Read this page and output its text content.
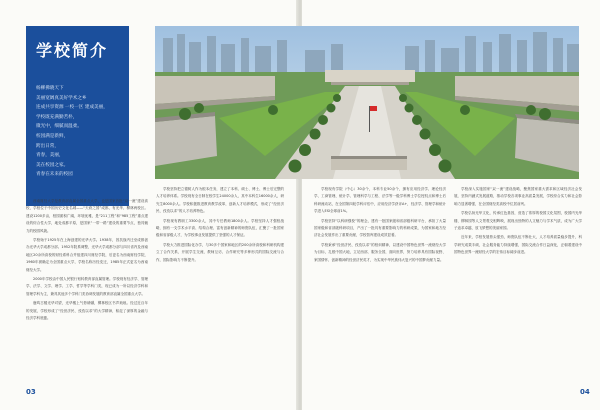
学校简介
杨柳拂晓天下
美丽宽阔真美好学术之乡
连成共享资源 一校一区 建成美丽，
学校既充满勤苦朴，
微光中，细腻而温柔。
校园满是新鲜，
跨出日常，
青春，美丽，
美在校园之家。
青春在未来的校园

西南财经大学是教育部直属全国重点大学，也是国家首批“双一流”建设高校，学校位于中国历史文化名城——“天府之国”成都，有光华、柳林两校区。建设1200多亩，校园面积广阔，环境优雅，是“211工程”和“985工程”重点建设的综合性大学，地处成都平原，是国家“一带一路”建设的重要节点，独具魅力的校园风貌。

学校始于1925年在上海创建的光华大学。1938年，因抗战内迁至成都创办光华大学成都分部。1952年院系调整，光华大学成都分部与四川省内及西南地区20余所高校的财经系科合并组建四川财经学院，后更名为西南财经学院，1960年被确定为全国重点大学，学校名称历经变迁，1985年正式更名为西南财经大学。

2000年学校由中国人民银行划转教育部直属管理。学校现有经济学、管理学、法学、文学、理学、工学、哲学等学科门类，现已成为一所以经济学科和管理学科为主，兼具其他多个学科门类协调发展的教育部直属全国重点大学。

鹿鸣古楼光华对望，光华楼上气势磅礴，柳林校区书声琅琅。经过近百年的发展，学校形成了“经世济民、孜孜以求”的大学精神，积淀了深厚的金融与经济学科底蕴。

学校坚持把立德树人作为根本任务，建立了本科、硕士、博士、博士后完整的人才培养体系。学校现有全日制在校学生24000余人，其中本科生16000余人，研究生8000余人。学校积极推进教育教学改革，创新人才培养模式，形成了“经世济民、孜孜以求”的人才培养特色。

学校现有教职工3300余人，其中专任教师1800余人。学校坚持人才强校战略，拥有一支学术水平高、结构合理、富有创新精神的师资队伍，汇聚了一批国家级和省部级人才，为学校事业发展提供了坚强的人才保证。

学校大力推进国际化办学，与30多个国家和地区的200余所高校和科研机构建立了合作关系，开展学生交流、教师互访、合作研究等多种形式的国际交流与合作，国际影响力不断提升。

03

学校现有学院（中心）30余个，本科专业50余个，拥有应用经济学、理论经济学、工商管理、统计学、管理科学与工程、法学等一级学科博士学位授权点和博士后科研流动站，在全国第四轮学科评估中，应用经济学获评A+，经济学、管理学和统计学进入ESI全球前1%。

学校坚持“以科研强校”的理念，建有一批国家级和省部级科研平台，承担了大量国家级和省部级科研项目，产出了一批具有重要影响力的科研成果，为国家和地方经济社会发展作出了重要贡献，学校智库建设成效显著。

学校秉承“经世济民、孜孜以求”的校训精神，以建设中国特色世界一流财经大学为目标，扎根中国大地，立足西部，服务全国，面向世界，努力培养具有国际视野、家国情怀、创新精神的经世济民英才，为实现中华民族伟大复兴的中国梦贡献力量。

学校深入实施国家“双一流”建设战略，聚焦国家重大需求和区域经济社会发展，坚持内涵式发展道路，推动学校各项事业高质量发展，学校综合实力和社会影响力显著增强，在全国财经类高校中位居前列。

学校弘扬光华文化，传承红色基因，营造了浓厚的校园文化氛围，校园内光华楼、柳林园等人文景观交相辉映，展现出独特的人文魅力与学术气质，成为广大学子追求卓越、放飞梦想的美丽家园。

近年来，学校发展势头强劲，师资队伍不断壮大，人才培养质量稳步提升，科学研究成果丰硕，社会服务能力持续增强，国际交流合作日益深化，正朝着建设中国特色世界一流财经大学的宏伟目标阔步前进。

04
